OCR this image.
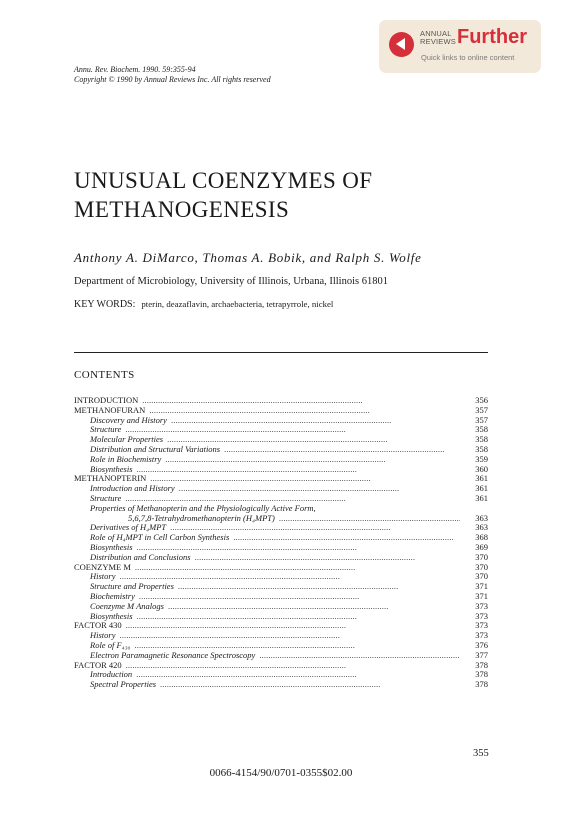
ANNUAL
REVIEWS Further
Quick links to online content
Annu. Rev. Biochem. 1990. 59:355-94
Copyright © 1990 by Annual Reviews Inc. All rights reserved
UNUSUAL COENZYMES OF
METHANOGENESIS
Anthony A. DiMarco, Thomas A. Bobik, and Ralph S. Wolfe
Department of Microbiology, University of Illinois, Urbana, Illinois 61801
KEY WORDS: pterin, deazaflavin, archaebacteria, tetrapyrrole, nickel
CONTENTS
INTRODUCTION . . .	356
METHANOFURAN . . .	357
Discovery and History . . .	357
Structure . . .	358
Molecular Properties . . .	358
Distribution and Structural Variations . . .	358
Role in Biochemistry . . .	359
Biosynthesis . . .	360
METHANOPTERIN . . .	361
Introduction and History . . .	361
Structure . . .	361
Properties of Methanopterin and the Physiologically Active Form,
5,6,7,8-Tetrahydromethanopterin (H₄MPT) . . .	363
Derivatives of H₄MPT . . .	363
Role of H₄MPT in Cell Carbon Synthesis . . .	368
Biosynthesis . . .	369
Distribution and Conclusions . . .	370
COENZYME M . . .	370
History . . .	370
Structure and Properties . . .	371
Biochemistry . . .	371
Coenzyme M Analogs . . .	373
Biosynthesis . . .	373
FACTOR 430 . . .	373
History . . .	373
Role of F₄₃₀ . . .	376
Electron Paramagnetic Resonance Spectroscopy . . .	377
FACTOR 420 . . .	378
Introduction . . .	378
Spectral Properties . . .	378
355
0066-4154/90/0701-0355$02.00
